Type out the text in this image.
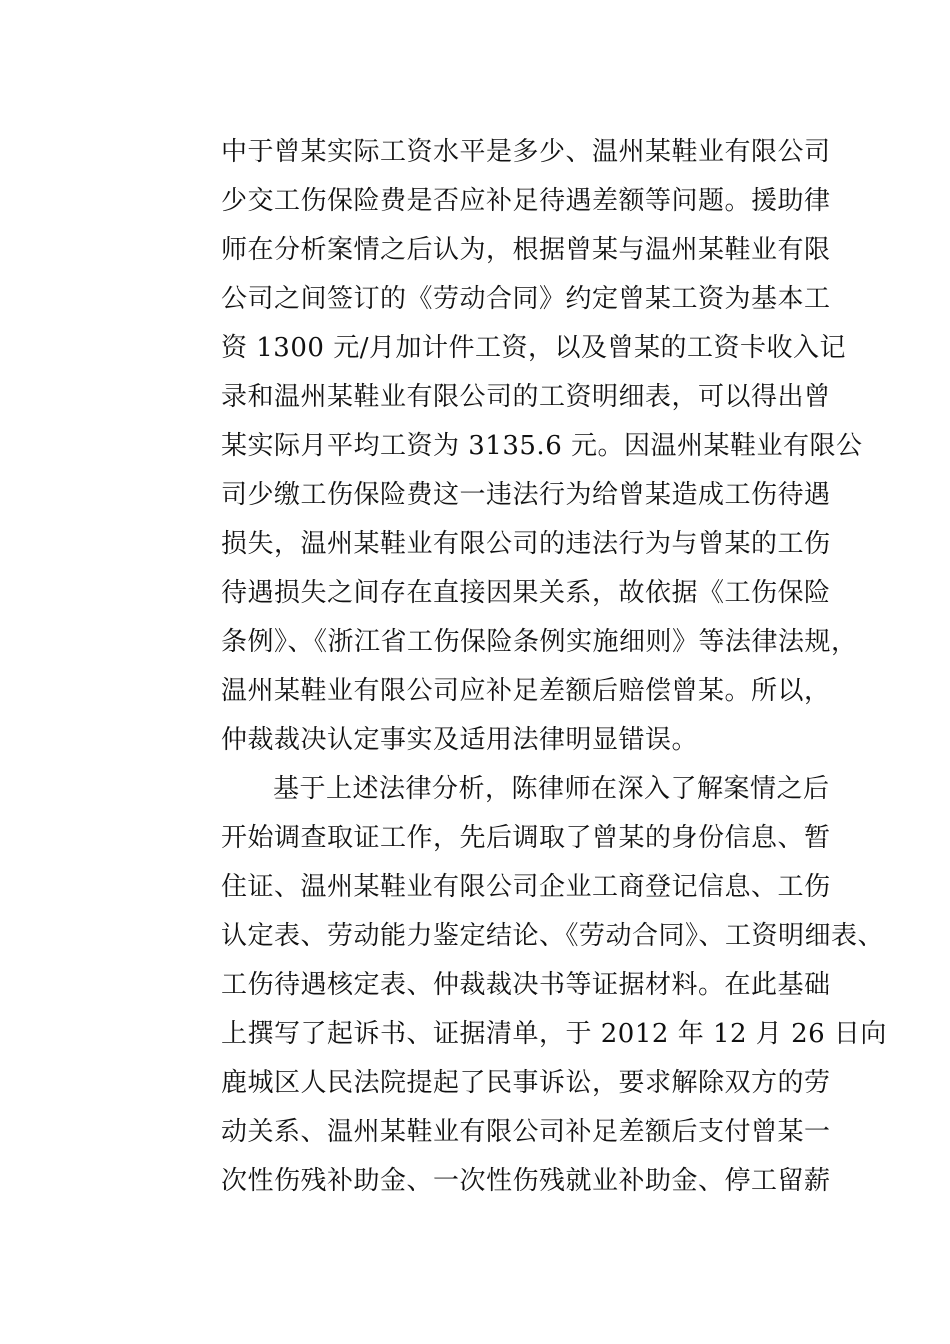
中于曾某实际工资水平是多少、温州某鞋业有限公司
少交工伤保险费是否应补足待遇差额等问题。援助律
师在分析案情之后认为，根据曾某与温州某鞋业有限
公司之间签订的《劳动合同》约定曾某工资为基本工
资 1300 元/月加计件工资，以及曾某的工资卡收入记
录和温州某鞋业有限公司的工资明细表，可以得出曾
某实际月平均工资为 3135.6 元。因温州某鞋业有限公
司少缴工伤保险费这一违法行为给曾某造成工伤待遇
损失，温州某鞋业有限公司的违法行为与曾某的工伤
待遇损失之间存在直接因果关系，故依据《工伤保险
条例》、《浙江省工伤保险条例实施细则》等法律法规，
温州某鞋业有限公司应补足差额后赔偿曾某。所以，
仲裁裁决认定事实及适用法律明显错误。
基于上述法律分析，陈律师在深入了解案情之后
开始调查取证工作，先后调取了曾某的身份信息、暂
住证、温州某鞋业有限公司企业工商登记信息、工伤
认定表、劳动能力鉴定结论、《劳动合同》、工资明细表、
工伤待遇核定表、仲裁裁决书等证据材料。在此基础
上撰写了起诉书、证据清单，于 2012 年 12 月 26 日向
鹿城区人民法院提起了民事诉讼，要求解除双方的劳
动关系、温州某鞋业有限公司补足差额后支付曾某一
次性伤残补助金、一次性伤残就业补助金、停工留薪
